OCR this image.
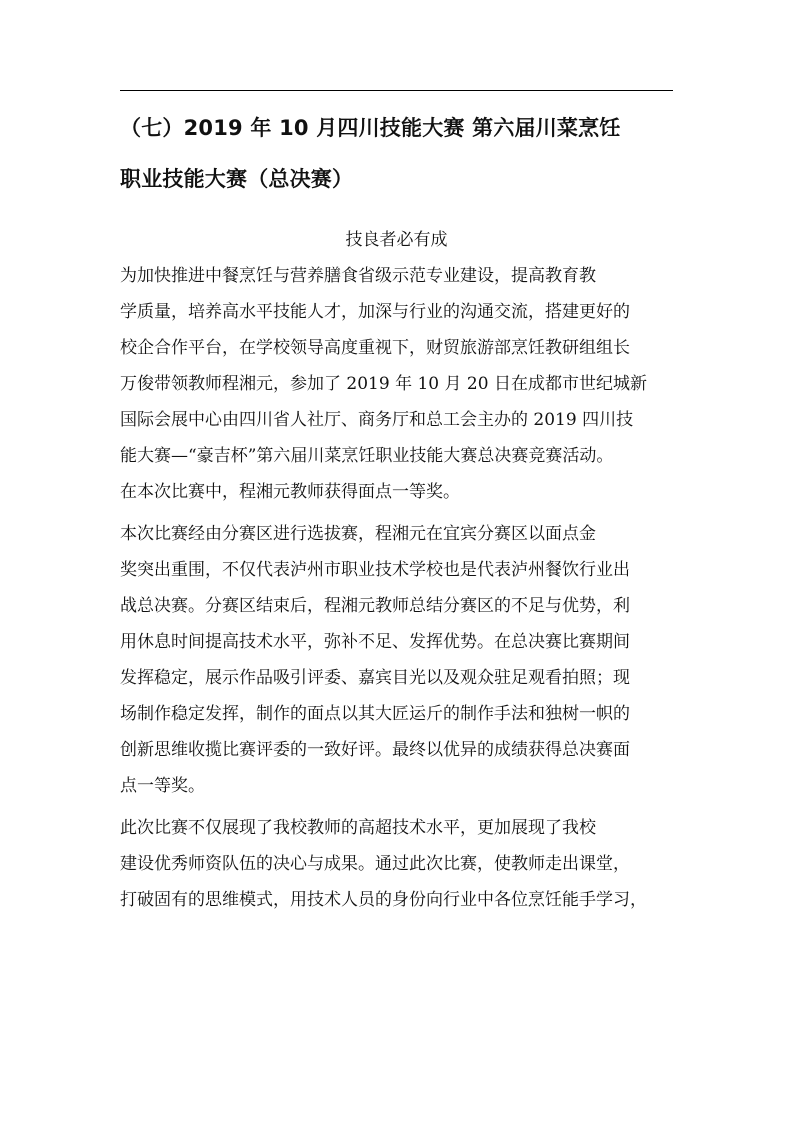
（七）2019 年 10 月四川技能大赛 第六届川菜烹饪
职业技能大赛（总决赛）

技良者必有成

为加快推进中餐烹饪与营养膳食省级示范专业建设，提高教育教
学质量，培养高水平技能人才，加深与行业的沟通交流，搭建更好的
校企合作平台，在学校领导高度重视下，财贸旅游部烹饪教研组组长
万俊带领教师程湘元，参加了 2019 年 10 月 20 日在成都市世纪城新
国际会展中心由四川省人社厅、商务厅和总工会主办的 2019 四川技
能大赛—“豪吉杯”第六届川菜烹饪职业技能大赛总决赛竞赛活动。
在本次比赛中，程湘元教师获得面点一等奖。
本次比赛经由分赛区进行选拔赛，程湘元在宜宾分赛区以面点金
奖突出重围，不仅代表泸州市职业技术学校也是代表泸州餐饮行业出
战总决赛。分赛区结束后，程湘元教师总结分赛区的不足与优势，利
用休息时间提高技术水平，弥补不足、发挥优势。在总决赛比赛期间
发挥稳定，展示作品吸引评委、嘉宾目光以及观众驻足观看拍照；现
场制作稳定发挥，制作的面点以其大匠运斤的制作手法和独树一帜的
创新思维收揽比赛评委的一致好评。最终以优异的成绩获得总决赛面
点一等奖。
此次比赛不仅展现了我校教师的高超技术水平，更加展现了我校
建设优秀师资队伍的决心与成果。通过此次比赛，使教师走出课堂，
打破固有的思维模式，用技术人员的身份向行业中各位烹饪能手学习，
